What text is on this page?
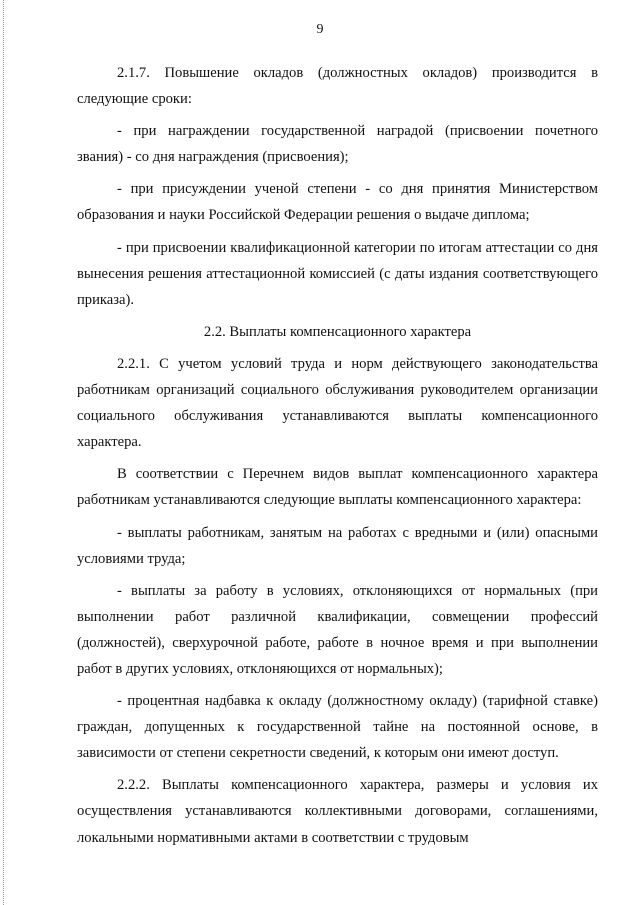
9

2.1.7. Повышение окладов (должностных окладов) производится в следующие сроки:

- при награждении государственной наградой (присвоении почетного звания) - со дня награждения (присвоения);

- при присуждении ученой степени - со дня принятия Министерством образования и науки Российской Федерации решения о выдаче диплома;

- при присвоении квалификационной категории по итогам аттестации со дня вынесения решения аттестационной комиссией (с даты издания соответствующего приказа).

2.2. Выплаты компенсационного характера

2.2.1. С учетом условий труда и норм действующего законодательства работникам организаций социального обслуживания руководителем организации социального обслуживания устанавливаются выплаты компенсационного характера.

В соответствии с Перечнем видов выплат компенсационного характера работникам устанавливаются следующие выплаты компенсационного характера:

- выплаты работникам, занятым на работах с вредными и (или) опасными условиями труда;

- выплаты за работу в условиях, отклоняющихся от нормальных (при выполнении работ различной квалификации, совмещении профессий (должностей), сверхурочной работе, работе в ночное время и при выполнении работ в других условиях, отклоняющихся от нормальных);

- процентная надбавка к окладу (должностному окладу) (тарифной ставке) граждан, допущенных к государственной тайне на постоянной основе, в зависимости от степени секретности сведений, к которым они имеют доступ.

2.2.2. Выплаты компенсационного характера, размеры и условия их осуществления устанавливаются коллективными договорами, соглашениями, локальными нормативными актами в соответствии с трудовым
